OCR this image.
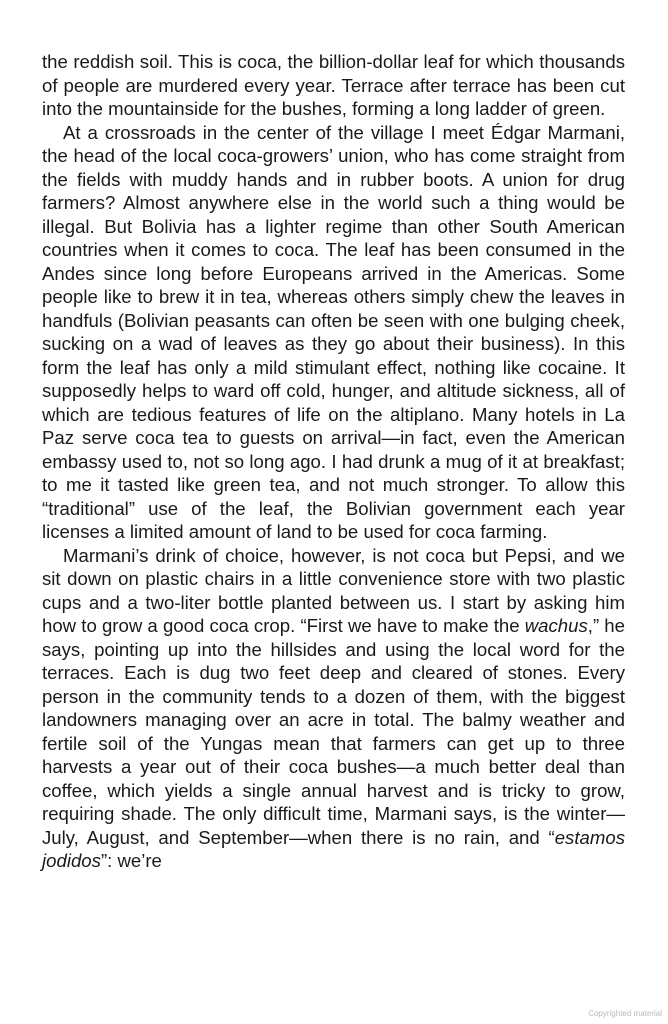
the reddish soil. This is coca, the billion-dollar leaf for which thousands of people are murdered every year. Terrace after terrace has been cut into the mountainside for the bushes, forming a long ladder of green.

At a crossroads in the center of the village I meet Édgar Marmani, the head of the local coca-growers’ union, who has come straight from the fields with muddy hands and in rubber boots. A union for drug farmers? Almost anywhere else in the world such a thing would be illegal. But Bolivia has a lighter regime than other South American countries when it comes to coca. The leaf has been consumed in the Andes since long before Europeans arrived in the Americas. Some people like to brew it in tea, whereas others simply chew the leaves in handfuls (Bolivian peasants can often be seen with one bulging cheek, sucking on a wad of leaves as they go about their business). In this form the leaf has only a mild stimulant effect, nothing like cocaine. It supposedly helps to ward off cold, hunger, and altitude sickness, all of which are tedious features of life on the altiplano. Many hotels in La Paz serve coca tea to guests on arrival—in fact, even the American embassy used to, not so long ago. I had drunk a mug of it at breakfast; to me it tasted like green tea, and not much stronger. To allow this “traditional” use of the leaf, the Bolivian government each year licenses a limited amount of land to be used for coca farming.

Marmani’s drink of choice, however, is not coca but Pepsi, and we sit down on plastic chairs in a little convenience store with two plastic cups and a two-liter bottle planted between us. I start by asking him how to grow a good coca crop. “First we have to make the wachus,” he says, pointing up into the hillsides and using the local word for the terraces. Each is dug two feet deep and cleared of stones. Every person in the community tends to a dozen of them, with the biggest landowners managing over an acre in total. The balmy weather and fertile soil of the Yungas mean that farmers can get up to three harvests a year out of their coca bushes—a much better deal than coffee, which yields a single annual harvest and is tricky to grow, requiring shade. The only difficult time, Marmani says, is the winter—July, August, and September—when there is no rain, and “estamos jodidos”: we’re

Copyrighted material
